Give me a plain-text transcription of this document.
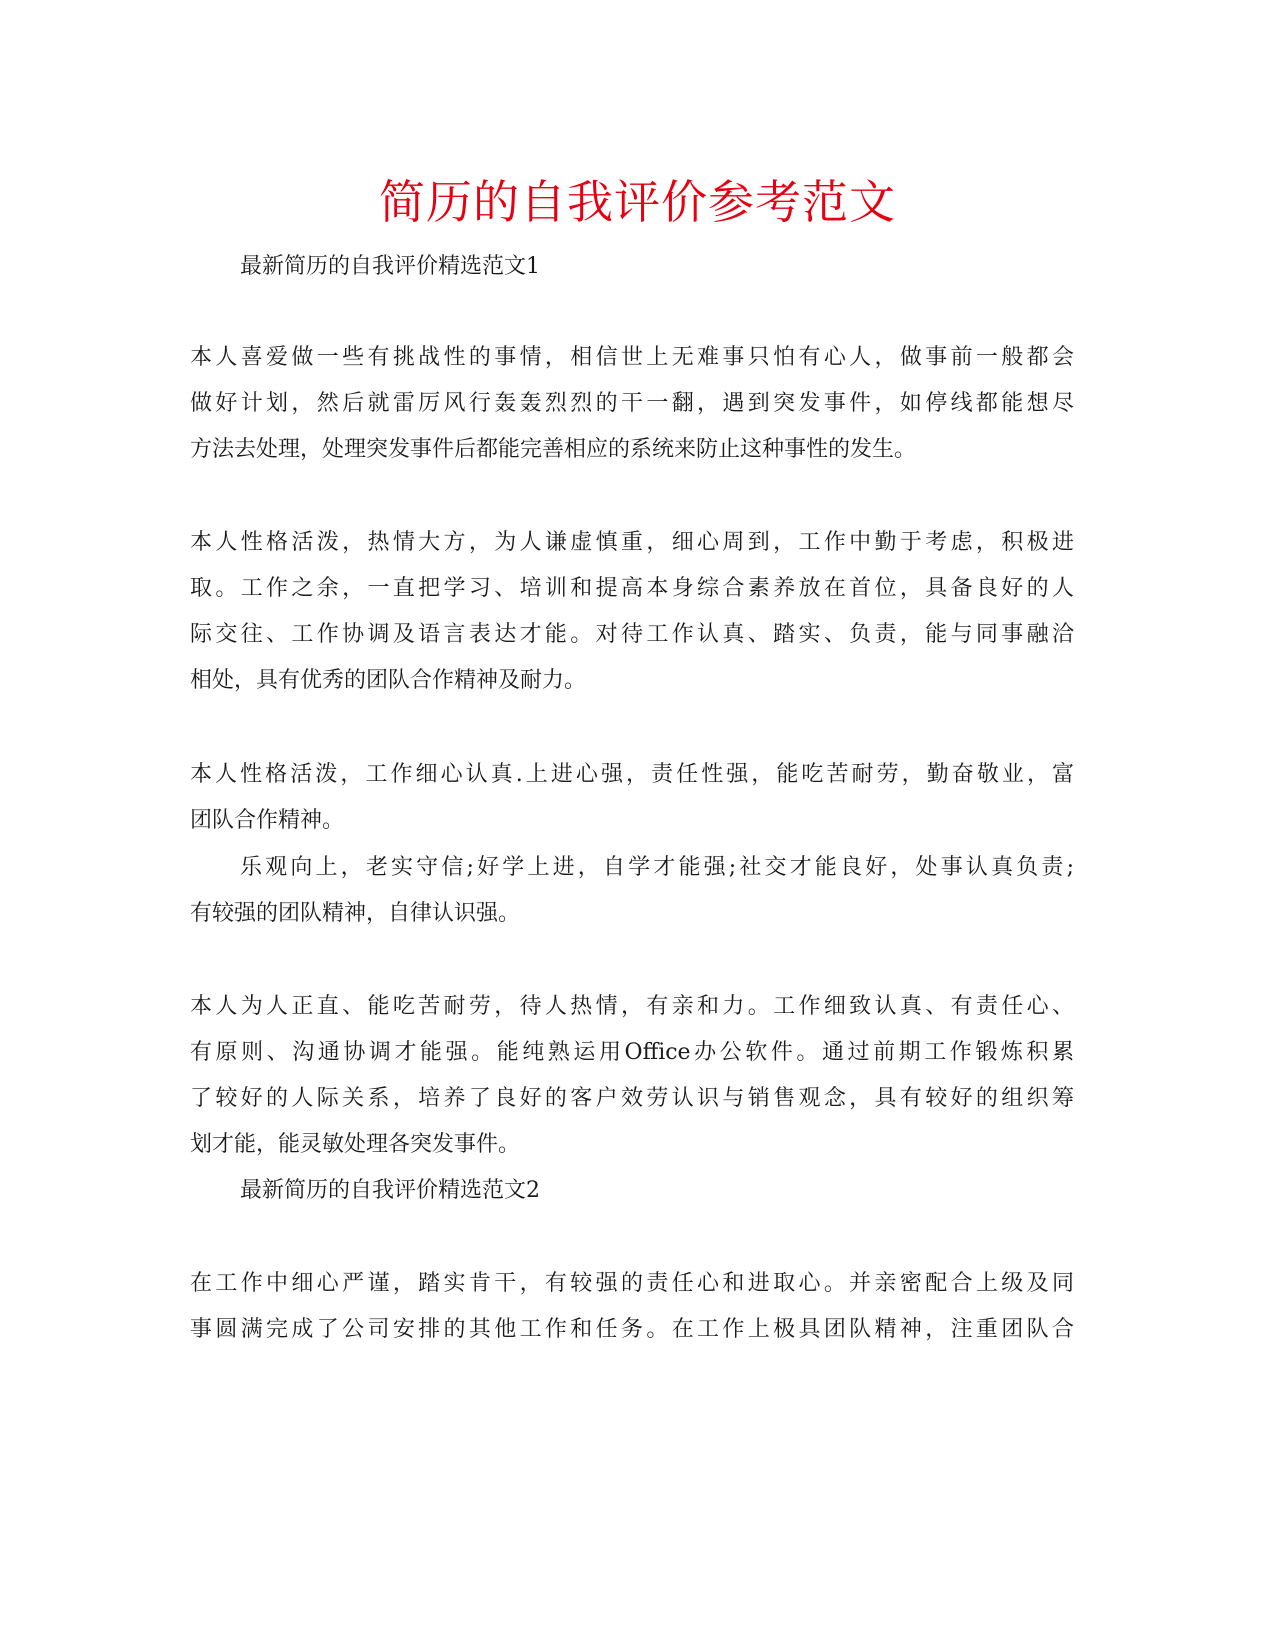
简历的自我评价参考范文
最新简历的自我评价精选范文1
本人喜爱做一些有挑战性的事情，相信世上无难事只怕有心人，做事前一般都会
做好计划，然后就雷厉风行轰轰烈烈的干一翻，遇到突发事件，如停线都能想尽
方法去处理，处理突发事件后都能完善相应的系统来防止这种事性的发生。
本人性格活泼，热情大方，为人谦虚慎重，细心周到，工作中勤于考虑，积极进
取。工作之余，一直把学习、培训和提高本身综合素养放在首位，具备良好的人
际交往、工作协调及语言表达才能。对待工作认真、踏实、负责，能与同事融洽
相处，具有优秀的团队合作精神及耐力。
本人性格活泼，工作细心认真.上进心强，责任性强，能吃苦耐劳，勤奋敬业，富
团队合作精神。
乐观向上，老实守信;好学上进，自学才能强;社交才能良好，处事认真负责;
有较强的团队精神，自律认识强。
本人为人正直、能吃苦耐劳，待人热情，有亲和力。工作细致认真、有责任心、
有原则、沟通协调才能强。能纯熟运用Office办公软件。通过前期工作锻炼积累
了较好的人际关系，培养了良好的客户效劳认识与销售观念，具有较好的组织筹
划才能，能灵敏处理各突发事件。
最新简历的自我评价精选范文2
在工作中细心严谨，踏实肯干，有较强的责任心和进取心。并亲密配合上级及同
事圆满完成了公司安排的其他工作和任务。在工作上极具团队精神，注重团队合
